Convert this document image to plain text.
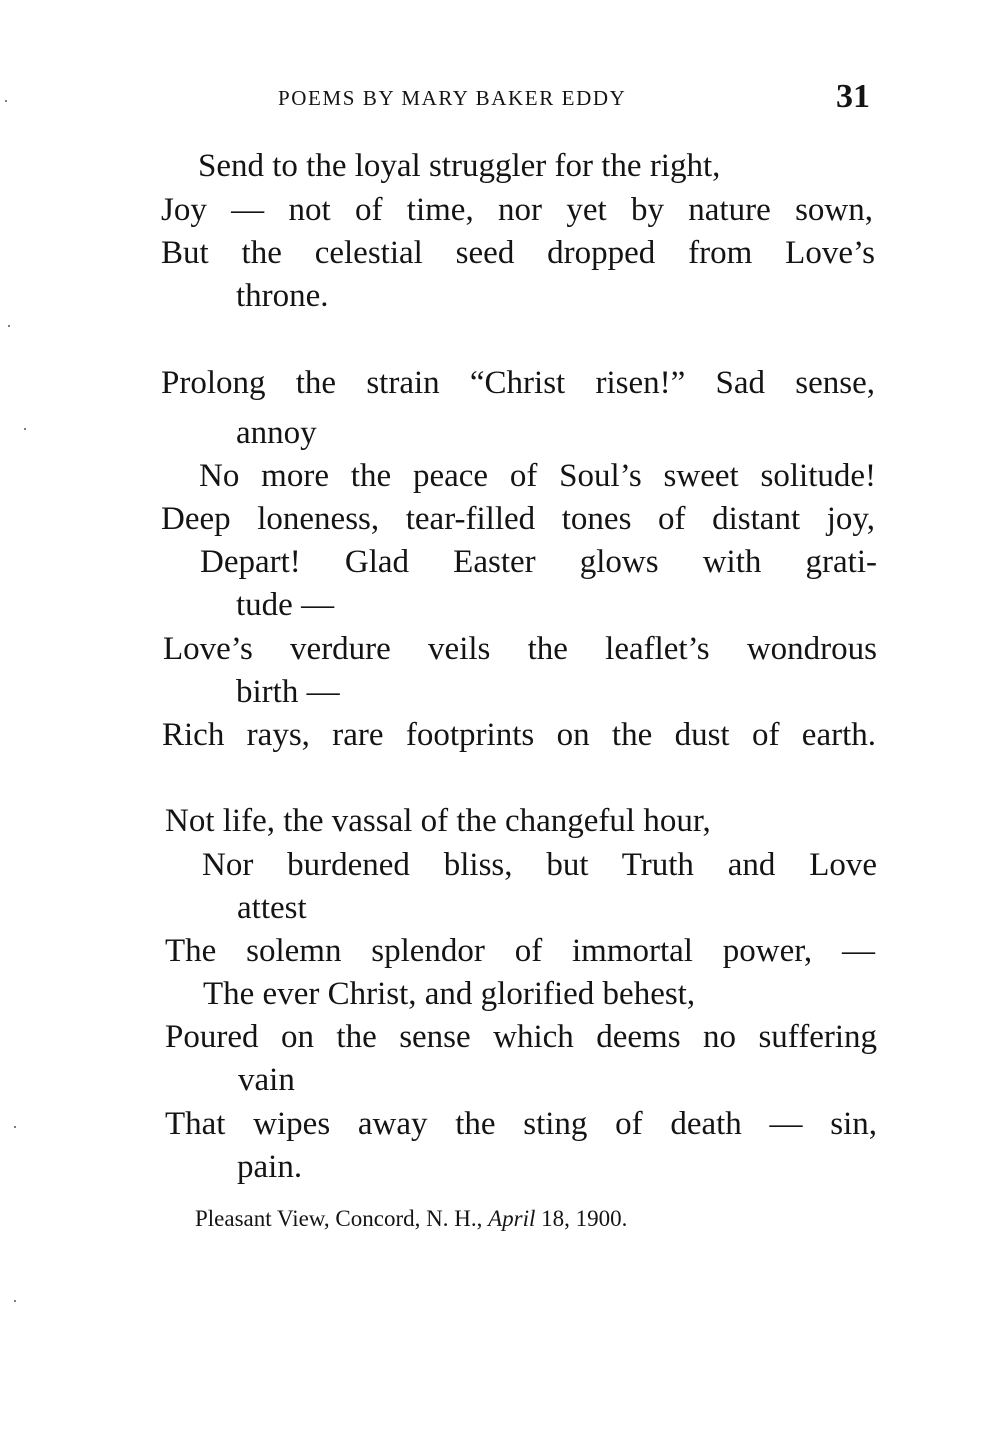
POEMS BY MARY BAKER EDDY	31
Send to the loyal struggler for the right,
Joy — not of time, nor yet by nature sown,
But the celestial seed dropped from Love’s
throne.
Prolong the strain “Christ risen!” Sad sense,
annoy
No more the peace of Soul’s sweet solitude!
Deep loneness, tear-filled tones of distant joy,
Depart! Glad Easter glows with grati-
tude —
Love’s verdure veils the leaflet’s wondrous
birth —
Rich rays, rare footprints on the dust of earth.
Not life, the vassal of the changeful hour,
Nor burdened bliss, but Truth and Love
attest
The solemn splendor of immortal power, —
The ever Christ, and glorified behest,
Poured on the sense which deems no suffering
vain
That wipes away the sting of death — sin,
pain.
Pleasant View, Concord, N. H., April 18, 1900.
